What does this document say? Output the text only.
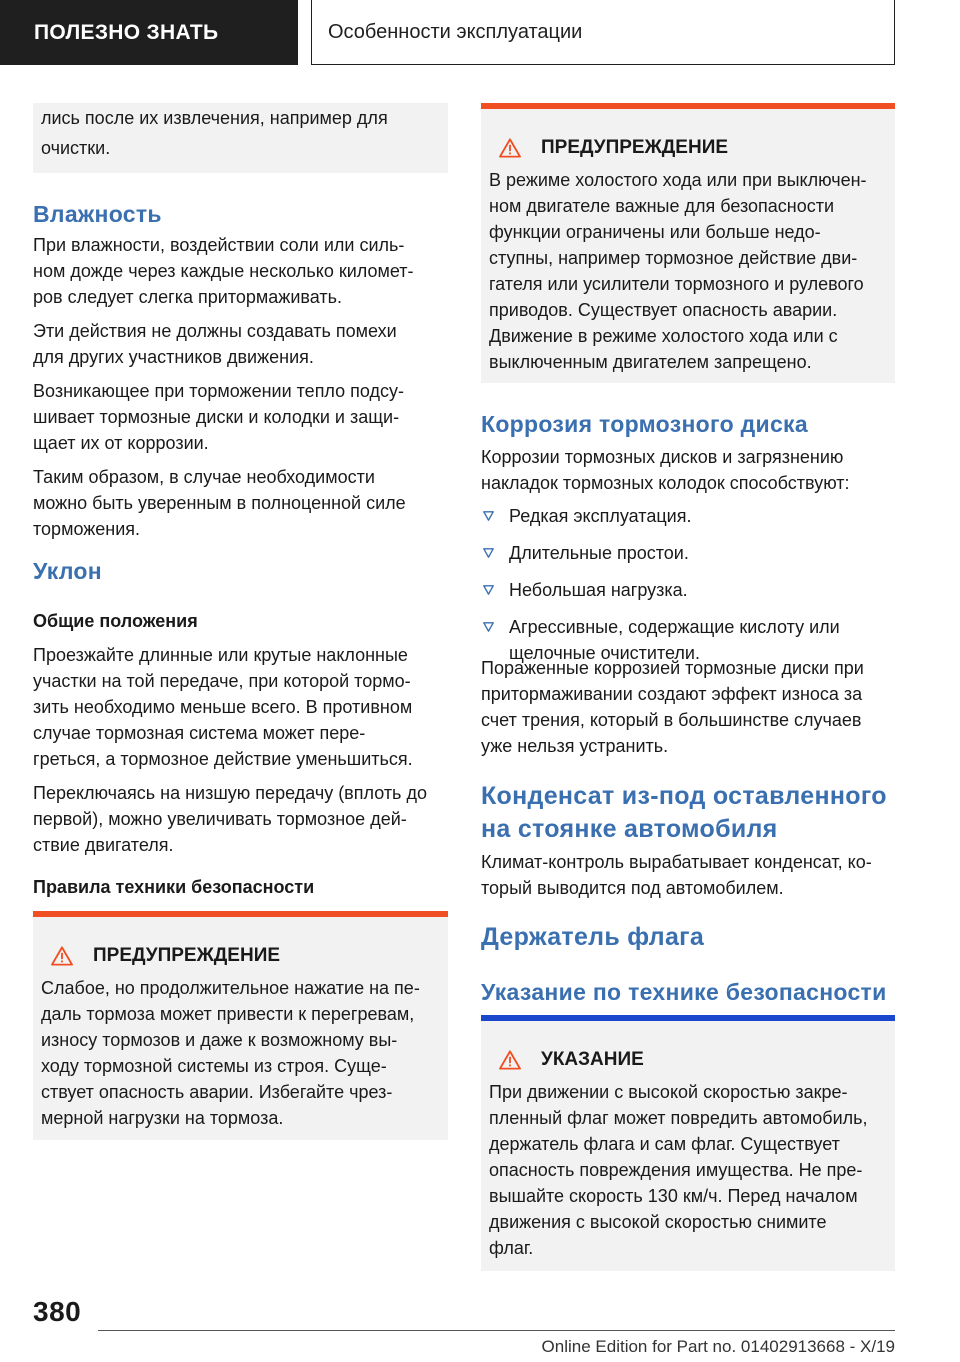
ПОЛЕЗНО ЗНАТЬ	Особенности эксплуатации

лись после их извлечения, например для

очистки.

Влажность

При влажности, воздействии соли или силь-

ном дожде через каждые несколько километ-

ров следует слегка притормаживать.

Эти действия не должны создавать помехи

для других участников движения.

Возникающее при торможении тепло подсу-

шивает тормозные диски и колодки и защи-

щает их от коррозии.

Таким образом, в случае необходимости

можно быть уверенным в полноценной силе

торможения.

Уклон
Общие положения

Проезжайте длинные или крутые наклонные

участки на той передаче, при которой тормо-

зить необходимо меньше всего. В противном

случае тормозная система может пере-

греться, а тормозное действие уменьшиться.

Переключаясь на низшую передачу (вплоть до

первой), можно увеличивать тормозное дей-

ствие двигателя.

Правила техники безопасности
ПРЕДУПРЕЖДЕНИЕ

Слабое, но продолжительное нажатие на пе-

даль тормоза может привести к перегревам,

износу тормозов и даже к возможному вы-

ходу тормозной системы из строя. Суще-

ствует опасность аварии. Избегайте чрез-

мерной нагрузки на тормоза.

ПРЕДУПРЕЖДЕНИЕ

В режиме холостого хода или при выключен-

ном двигателе важные для безопасности

функции ограничены или больше недо-

ступны, например тормозное действие дви-

гателя или усилители тормозного и рулевого

приводов. Существует опасность аварии.

Движение в режиме холостого хода или с

выключенным двигателем запрещено.

Коррозия тормозного диска

Коррозии тормозных дисков и загрязнению

накладок тормозных колодок способствуют:

Редкая эксплуатация.
Длительные простои.
Небольшая нагрузка.
Агрессивные, содержащие кислоту или
щелочные очистители.

Пораженные коррозией тормозные диски при

притормаживании создают эффект износа за

счет трения, который в большинстве случаев

уже нельзя устранить.

Конденсат из-под оставленного
на стоянке автомобиля

Климат-контроль вырабатывает конденсат, ко-

торый выводится под автомобилем.

Держатель флага
Указание по технике безопасности
УКАЗАНИЕ

При движении с высокой скоростью закре-

пленный флаг может повредить автомобиль,

держатель флага и сам флаг. Существует

опасность повреждения имущества. Не пре-

вышайте скорость 130 км/ч. Перед началом

движения с высокой скоростью снимите

флаг.

380
Online Edition for Part no. 01402913668 - X/19
